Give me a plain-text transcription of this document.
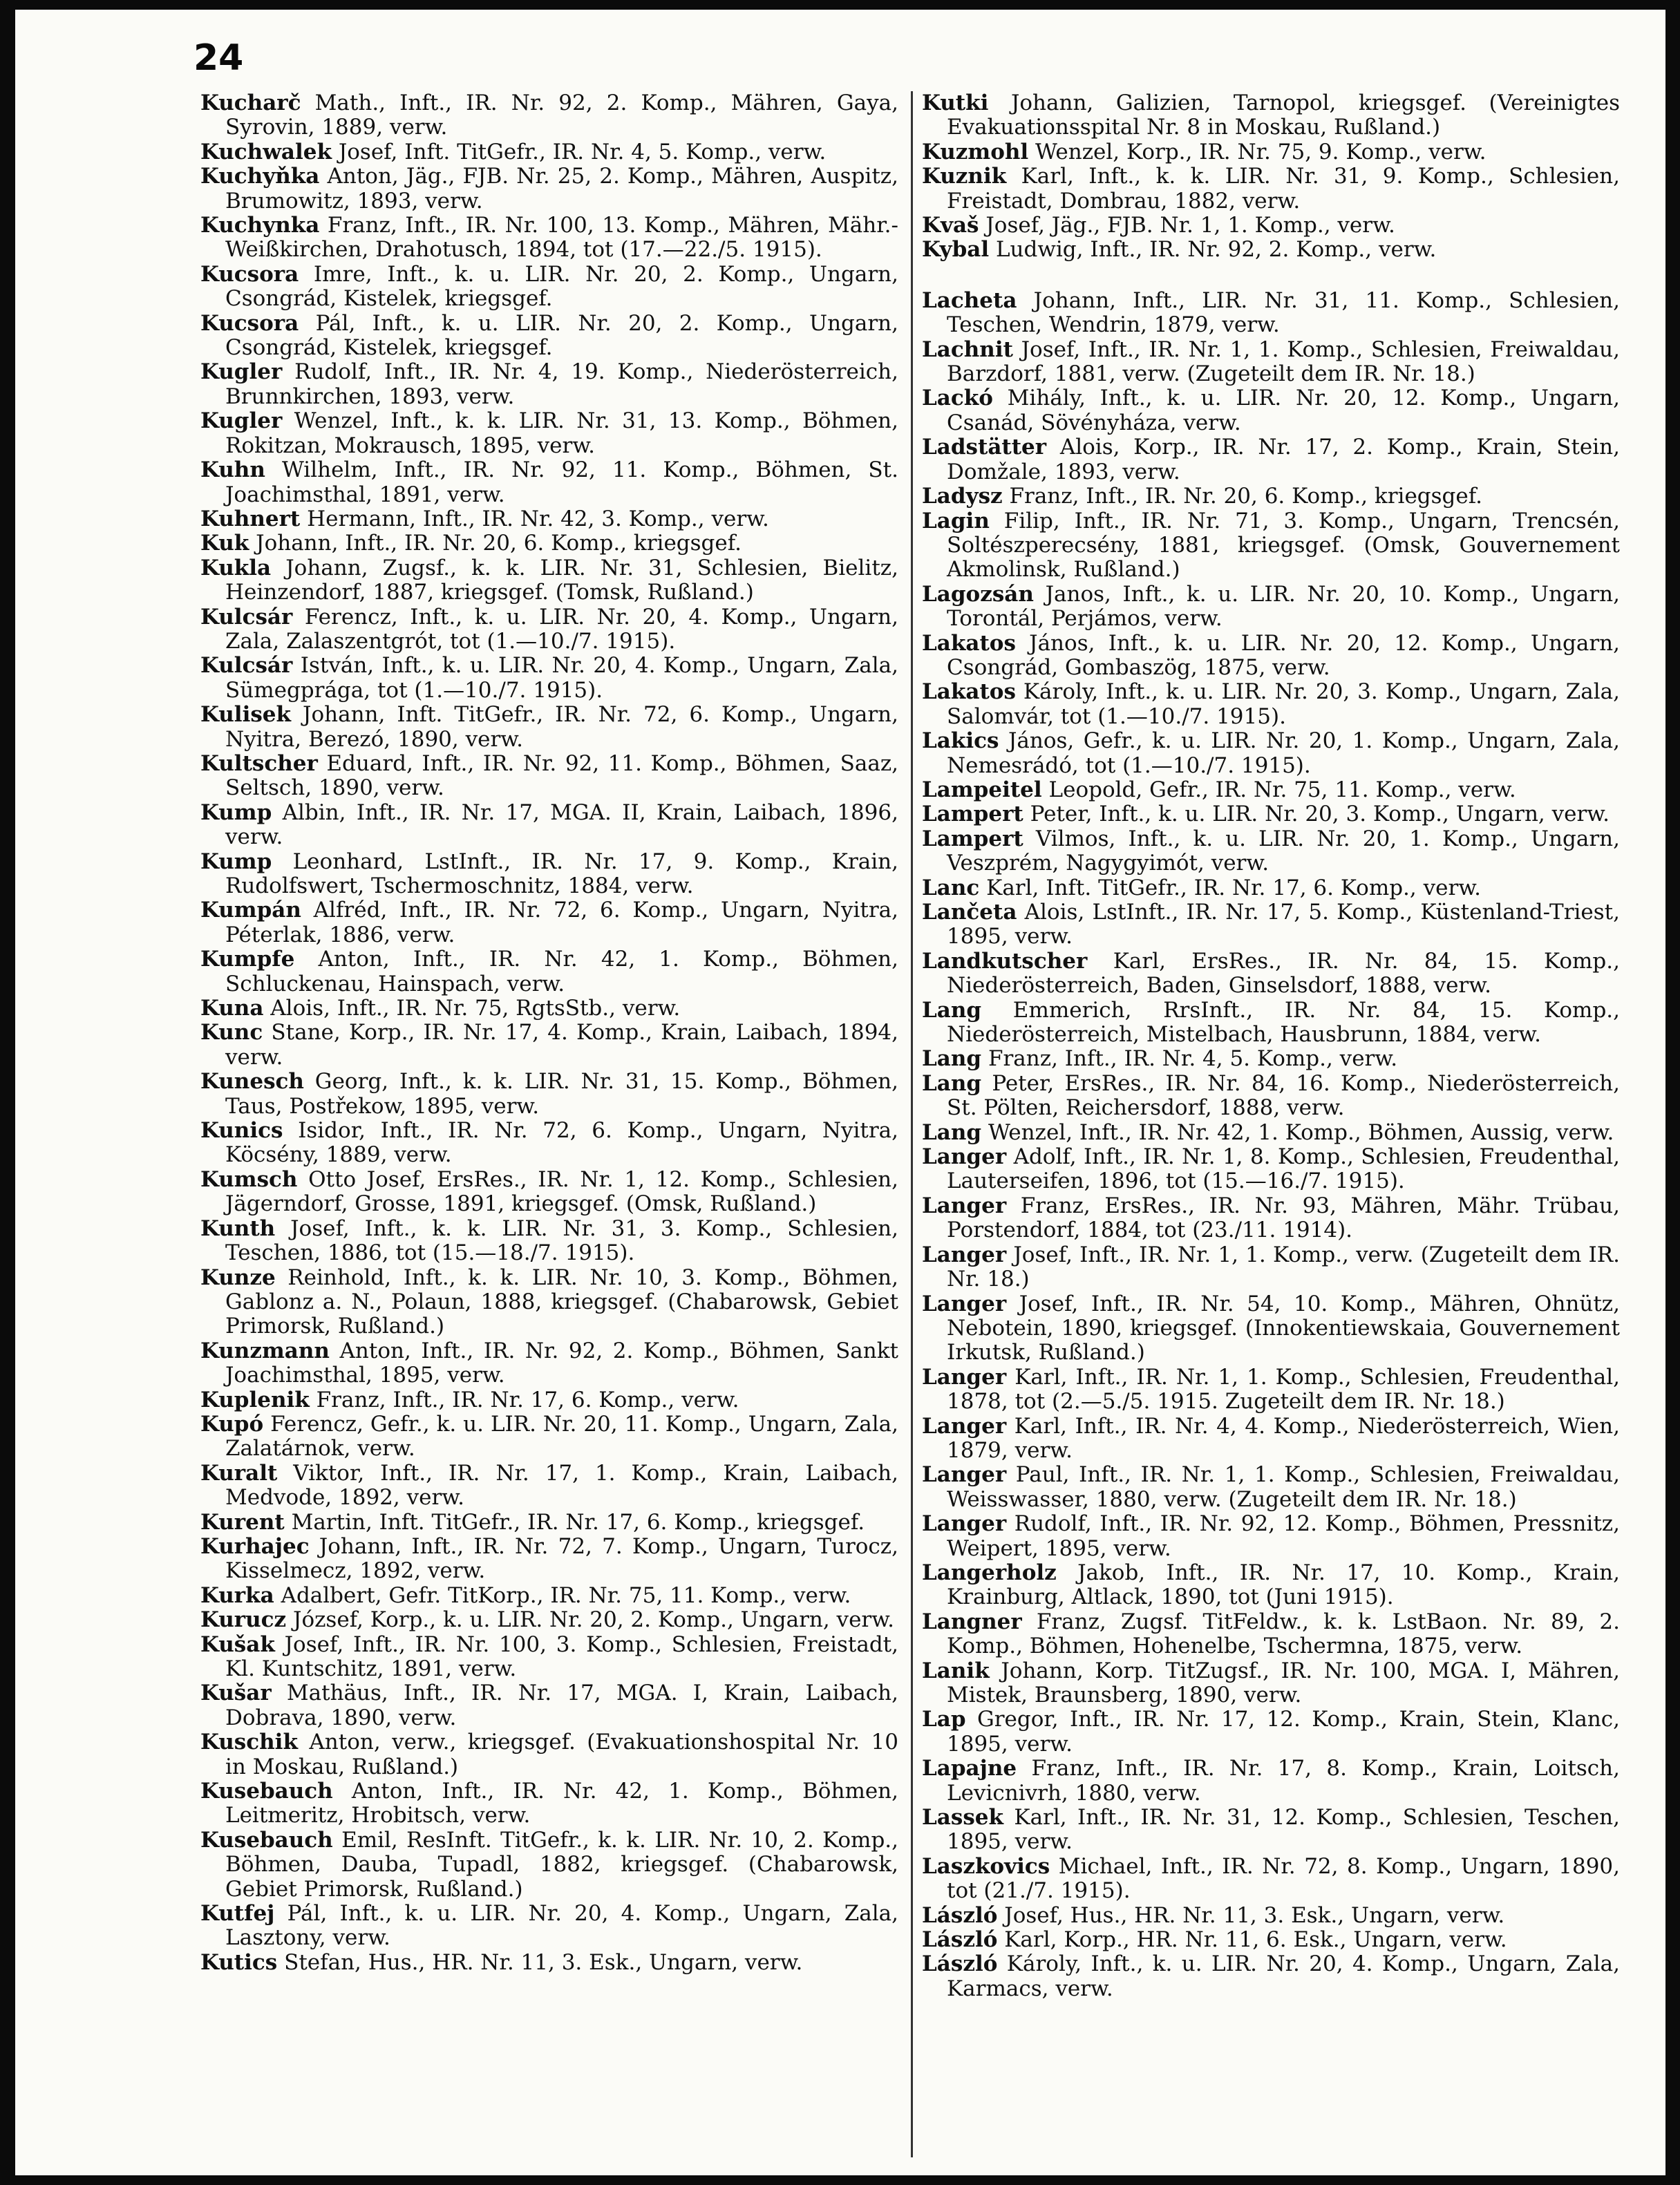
24

Kucharč Math., Inft., IR. Nr. 92, 2. Komp., Mähren, Gaya, Syrovin, 1889, verw.

Kuchwalek Josef, Inft. TitGefr., IR. Nr. 4, 5. Komp., verw.

Kuchyňka Anton, Jäg., FJB. Nr. 25, 2. Komp., Mähren, Auspitz, Brumowitz, 1893, verw.

Kuchynka Franz, Inft., IR. Nr. 100, 13. Komp., Mähren, Mähr.-Weißkirchen, Drahotusch, 1894, tot (17.—22./5. 1915).

Kucsora Imre, Inft., k. u. LIR. Nr. 20, 2. Komp., Ungarn, Csongrád, Kistelek, kriegsgef.

Kucsora Pál, Inft., k. u. LIR. Nr. 20, 2. Komp., Ungarn, Csongrád, Kistelek, kriegsgef.

Kugler Rudolf, Inft., IR. Nr. 4, 19. Komp., Niederösterreich, Brunnkirchen, 1893, verw.

Kugler Wenzel, Inft., k. k. LIR. Nr. 31, 13. Komp., Böhmen, Rokitzan, Mokrausch, 1895, verw.

Kuhn Wilhelm, Inft., IR. Nr. 92, 11. Komp., Böhmen, St. Joachimsthal, 1891, verw.

Kuhnert Hermann, Inft., IR. Nr. 42, 3. Komp., verw.

Kuk Johann, Inft., IR. Nr. 20, 6. Komp., kriegsgef.

Kukla Johann, Zugsf., k. k. LIR. Nr. 31, Schlesien, Bielitz, Heinzendorf, 1887, kriegsgef. (Tomsk, Rußland.)

Kulcsár Ferencz, Inft., k. u. LIR. Nr. 20, 4. Komp., Ungarn, Zala, Zalaszentgrót, tot (1.—10./7. 1915).

Kulcsár István, Inft., k. u. LIR. Nr. 20, 4. Komp., Ungarn, Zala, Sümegprága, tot (1.—10./7. 1915).

Kulisek Johann, Inft. TitGefr., IR. Nr. 72, 6. Komp., Ungarn, Nyitra, Berezó, 1890, verw.

Kultscher Eduard, Inft., IR. Nr. 92, 11. Komp., Böhmen, Saaz, Seltsch, 1890, verw.

Kump Albin, Inft., IR. Nr. 17, MGA. II, Krain, Laibach, 1896, verw.

Kump Leonhard, LstInft., IR. Nr. 17, 9. Komp., Krain, Rudolfswert, Tschermoschnitz, 1884, verw.

Kumpán Alfréd, Inft., IR. Nr. 72, 6. Komp., Ungarn, Nyitra, Péterlak, 1886, verw.

Kumpfe Anton, Inft., IR. Nr. 42, 1. Komp., Böhmen, Schluckenau, Hainspach, verw.

Kuna Alois, Inft., IR. Nr. 75, RgtsStb., verw.

Kunc Stane, Korp., IR. Nr. 17, 4. Komp., Krain, Laibach, 1894, verw.

Kunesch Georg, Inft., k. k. LIR. Nr. 31, 15. Komp., Böhmen, Taus, Postřekow, 1895, verw.

Kunics Isidor, Inft., IR. Nr. 72, 6. Komp., Ungarn, Nyitra, Köcsény, 1889, verw.

Kumsch Otto Josef, ErsRes., IR. Nr. 1, 12. Komp., Schlesien, Jägerndorf, Grosse, 1891, kriegsgef. (Omsk, Rußland.)

Kunth Josef, Inft., k. k. LIR. Nr. 31, 3. Komp., Schlesien, Teschen, 1886, tot (15.—18./7. 1915).

Kunze Reinhold, Inft., k. k. LIR. Nr. 10, 3. Komp., Böhmen, Gablonz a. N., Polaun, 1888, kriegsgef. (Chabarowsk, Gebiet Primorsk, Rußland.)

Kunzmann Anton, Inft., IR. Nr. 92, 2. Komp., Böhmen, Sankt Joachimsthal, 1895, verw.

Kuplenik Franz, Inft., IR. Nr. 17, 6. Komp., verw.

Kupó Ferencz, Gefr., k. u. LIR. Nr. 20, 11. Komp., Ungarn, Zala, Zalatárnok, verw.

Kuralt Viktor, Inft., IR. Nr. 17, 1. Komp., Krain, Laibach, Medvode, 1892, verw.

Kurent Martin, Inft. TitGefr., IR. Nr. 17, 6. Komp., kriegsgef.

Kurhajec Johann, Inft., IR. Nr. 72, 7. Komp., Ungarn, Turocz, Kisselmecz, 1892, verw.

Kurka Adalbert, Gefr. TitKorp., IR. Nr. 75, 11. Komp., verw.

Kurucz József, Korp., k. u. LIR. Nr. 20, 2. Komp., Ungarn, verw.

Kušak Josef, Inft., IR. Nr. 100, 3. Komp., Schlesien, Freistadt, Kl. Kuntschitz, 1891, verw.

Kušar Mathäus, Inft., IR. Nr. 17, MGA. I, Krain, Laibach, Dobrava, 1890, verw.

Kuschik Anton, verw., kriegsgef. (Evakuationshospital Nr. 10 in Moskau, Rußland.)

Kusebauch Anton, Inft., IR. Nr. 42, 1. Komp., Böhmen, Leitmeritz, Hrobitsch, verw.

Kusebauch Emil, ResInft. TitGefr., k. k. LIR. Nr. 10, 2. Komp., Böhmen, Dauba, Tupadl, 1882, kriegsgef. (Chabarowsk, Gebiet Primorsk, Rußland.)

Kutfej Pál, Inft., k. u. LIR. Nr. 20, 4. Komp., Ungarn, Zala, Lasztony, verw.

Kutics Stefan, Hus., HR. Nr. 11, 3. Esk., Ungarn, verw.

Kutki Johann, Galizien, Tarnopol, kriegsgef. (Vereinigtes Evakuationsspital Nr. 8 in Moskau, Rußland.)

Kuzmohl Wenzel, Korp., IR. Nr. 75, 9. Komp., verw.

Kuznik Karl, Inft., k. k. LIR. Nr. 31, 9. Komp., Schlesien, Freistadt, Dombrau, 1882, verw.

Kvaš Josef, Jäg., FJB. Nr. 1, 1. Komp., verw.

Kybal Ludwig, Inft., IR. Nr. 92, 2. Komp., verw.

Lacheta Johann, Inft., LIR. Nr. 31, 11. Komp., Schlesien, Teschen, Wendrin, 1879, verw.

Lachnit Josef, Inft., IR. Nr. 1, 1. Komp., Schlesien, Freiwaldau, Barzdorf, 1881, verw. (Zugeteilt dem IR. Nr. 18.)

Lackó Mihály, Inft., k. u. LIR. Nr. 20, 12. Komp., Ungarn, Csanád, Sövényháza, verw.

Ladstätter Alois, Korp., IR. Nr. 17, 2. Komp., Krain, Stein, Domžale, 1893, verw.

Ladysz Franz, Inft., IR. Nr. 20, 6. Komp., kriegsgef.

Lagin Filip, Inft., IR. Nr. 71, 3. Komp., Ungarn, Trencsén, Soltészperecsény, 1881, kriegsgef. (Omsk, Gouvernement Akmolinsk, Rußland.)

Lagozsán Janos, Inft., k. u. LIR. Nr. 20, 10. Komp., Ungarn, Torontál, Perjámos, verw.

Lakatos János, Inft., k. u. LIR. Nr. 20, 12. Komp., Ungarn, Csongrád, Gombaszög, 1875, verw.

Lakatos Károly, Inft., k. u. LIR. Nr. 20, 3. Komp., Ungarn, Zala, Salomvár, tot (1.—10./7. 1915).

Lakics János, Gefr., k. u. LIR. Nr. 20, 1. Komp., Ungarn, Zala, Nemesrádó, tot (1.—10./7. 1915).

Lampeitel Leopold, Gefr., IR. Nr. 75, 11. Komp., verw.

Lampert Peter, Inft., k. u. LIR. Nr. 20, 3. Komp., Ungarn, verw.

Lampert Vilmos, Inft., k. u. LIR. Nr. 20, 1. Komp., Ungarn, Veszprém, Nagygyimót, verw.

Lanc Karl, Inft. TitGefr., IR. Nr. 17, 6. Komp., verw.

Lančeta Alois, LstInft., IR. Nr. 17, 5. Komp., Küstenland-Triest, 1895, verw.

Landkutscher Karl, ErsRes., IR. Nr. 84, 15. Komp., Niederösterreich, Baden, Ginselsdorf, 1888, verw.

Lang Emmerich, RrsInft., IR. Nr. 84, 15. Komp., Niederösterreich, Mistelbach, Hausbrunn, 1884, verw.

Lang Franz, Inft., IR. Nr. 4, 5. Komp., verw.

Lang Peter, ErsRes., IR. Nr. 84, 16. Komp., Niederösterreich, St. Pölten, Reichersdorf, 1888, verw.

Lang Wenzel, Inft., IR. Nr. 42, 1. Komp., Böhmen, Aussig, verw.

Langer Adolf, Inft., IR. Nr. 1, 8. Komp., Schlesien, Freudenthal, Lauterseifen, 1896, tot (15.—16./7. 1915).

Langer Franz, ErsRes., IR. Nr. 93, Mähren, Mähr. Trübau, Porstendorf, 1884, tot (23./11. 1914).

Langer Josef, Inft., IR. Nr. 1, 1. Komp., verw. (Zugeteilt dem IR. Nr. 18.)

Langer Josef, Inft., IR. Nr. 54, 10. Komp., Mähren, Ohnütz, Nebotein, 1890, kriegsgef. (Innokentiewskaia, Gouvernement Irkutsk, Rußland.)

Langer Karl, Inft., IR. Nr. 1, 1. Komp., Schlesien, Freudenthal, 1878, tot (2.—5./5. 1915. Zugeteilt dem IR. Nr. 18.)

Langer Karl, Inft., IR. Nr. 4, 4. Komp., Niederösterreich, Wien, 1879, verw.

Langer Paul, Inft., IR. Nr. 1, 1. Komp., Schlesien, Freiwaldau, Weisswasser, 1880, verw. (Zugeteilt dem IR. Nr. 18.)

Langer Rudolf, Inft., IR. Nr. 92, 12. Komp., Böhmen, Pressnitz, Weipert, 1895, verw.

Langerholz Jakob, Inft., IR. Nr. 17, 10. Komp., Krain, Krainburg, Altlack, 1890, tot (Juni 1915).

Langner Franz, Zugsf. TitFeldw., k. k. LstBaon. Nr. 89, 2. Komp., Böhmen, Hohenelbe, Tschermna, 1875, verw.

Lanik Johann, Korp. TitZugsf., IR. Nr. 100, MGA. I, Mähren, Mistek, Braunsberg, 1890, verw.

Lap Gregor, Inft., IR. Nr. 17, 12. Komp., Krain, Stein, Klanc, 1895, verw.

Lapajne Franz, Inft., IR. Nr. 17, 8. Komp., Krain, Loitsch, Levicnivrh, 1880, verw.

Lassek Karl, Inft., IR. Nr. 31, 12. Komp., Schlesien, Teschen, 1895, verw.

Laszkovics Michael, Inft., IR. Nr. 72, 8. Komp., Ungarn, 1890, tot (21./7. 1915).

László Josef, Hus., HR. Nr. 11, 3. Esk., Ungarn, verw.

László Karl, Korp., HR. Nr. 11, 6. Esk., Ungarn, verw.

László Károly, Inft., k. u. LIR. Nr. 20, 4. Komp., Ungarn, Zala, Karmacs, verw.
